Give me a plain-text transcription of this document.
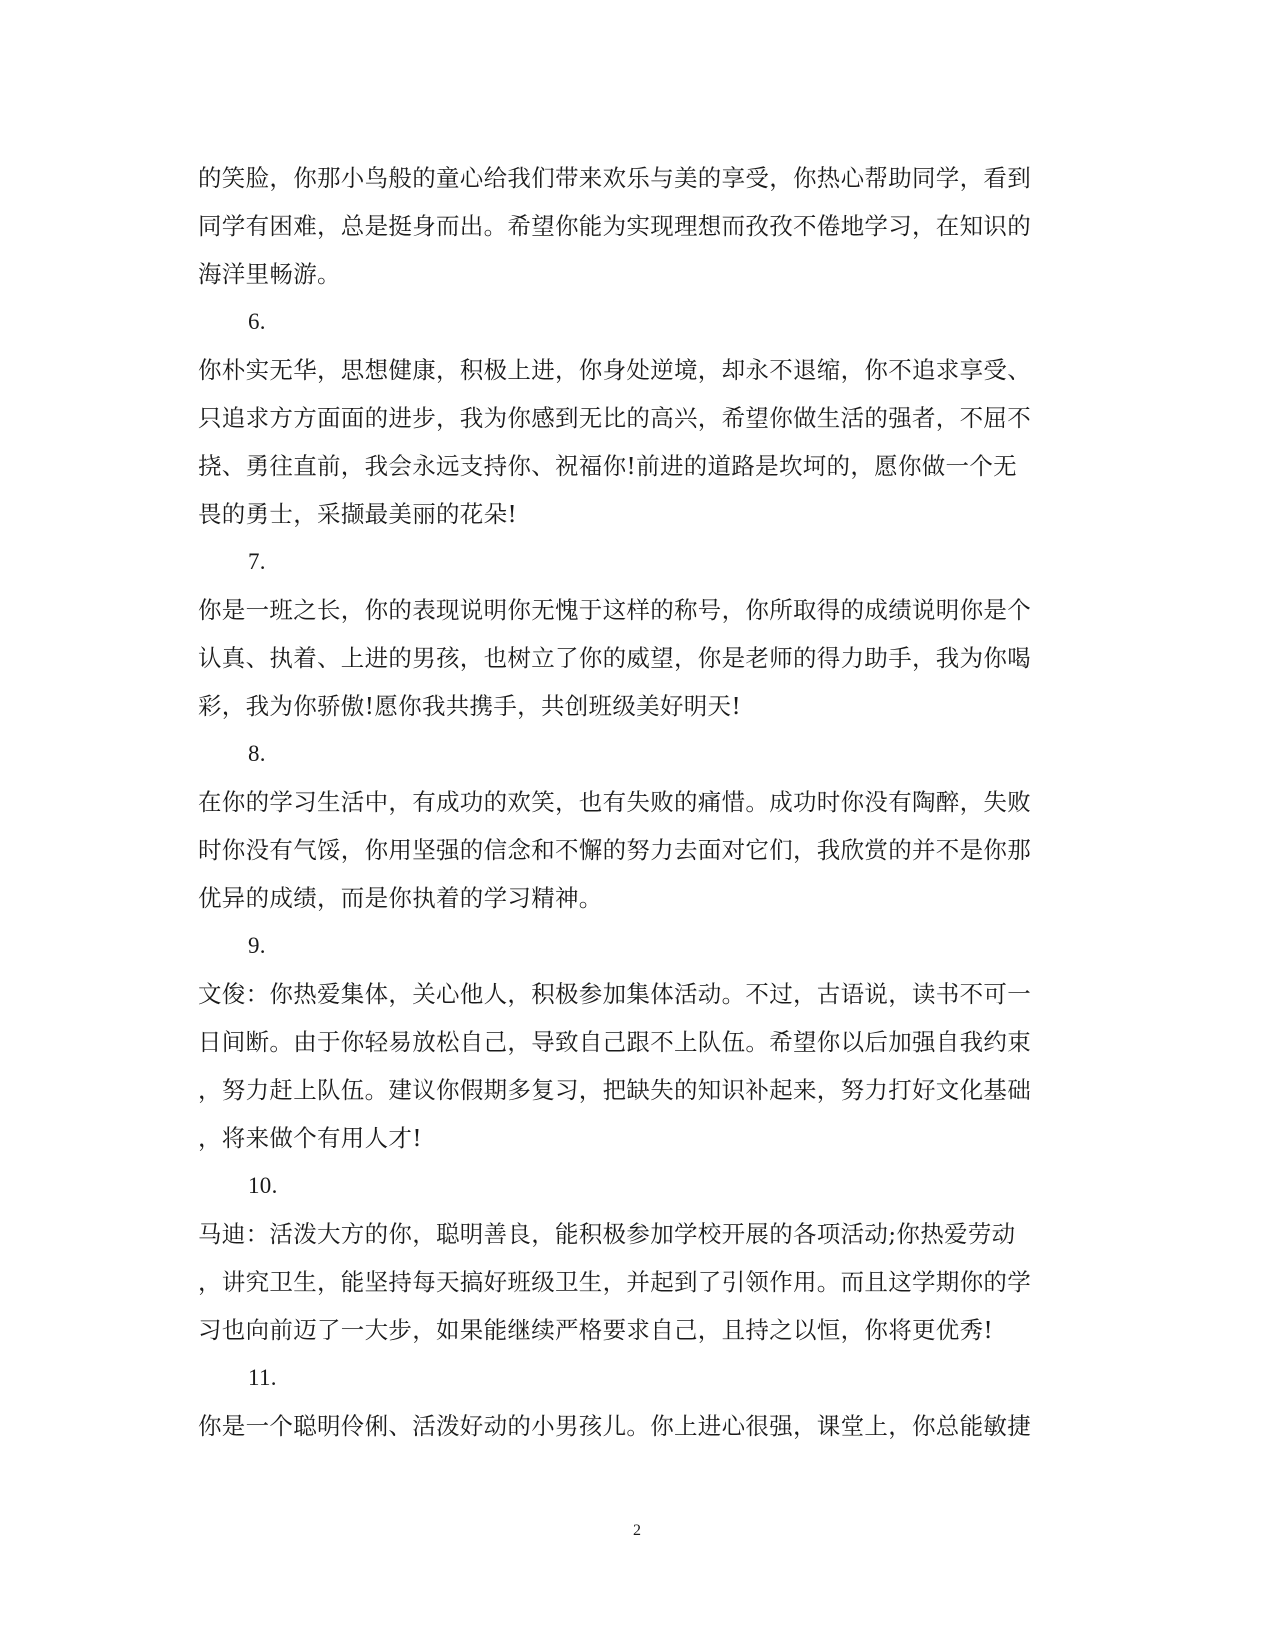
的笑脸，你那小鸟般的童心给我们带来欢乐与美的享受，你热心帮助同学，看到
同学有困难，总是挺身而出。希望你能为实现理想而孜孜不倦地学习，在知识的
海洋里畅游。
6.
你朴实无华，思想健康，积极上进，你身处逆境，却永不退缩，你不追求享受、
只追求方方面面的进步，我为你感到无比的高兴，希望你做生活的强者，不屈不
挠、勇往直前，我会永远支持你、祝福你!前进的道路是坎坷的，愿你做一个无
畏的勇士，采撷最美丽的花朵!
7.
你是一班之长，你的表现说明你无愧于这样的称号，你所取得的成绩说明你是个
认真、执着、上进的男孩，也树立了你的威望，你是老师的得力助手，我为你喝
彩，我为你骄傲!愿你我共携手，共创班级美好明天!
8.
在你的学习生活中，有成功的欢笑，也有失败的痛惜。成功时你没有陶醉，失败
时你没有气馁，你用坚强的信念和不懈的努力去面对它们，我欣赏的并不是你那
优异的成绩，而是你执着的学习精神。
9.
文俊：你热爱集体，关心他人，积极参加集体活动。不过，古语说，读书不可一
日间断。由于你轻易放松自己，导致自己跟不上队伍。希望你以后加强自我约束
，努力赶上队伍。建议你假期多复习，把缺失的知识补起来，努力打好文化基础
，将来做个有用人才!
10.
马迪：活泼大方的你，聪明善良，能积极参加学校开展的各项活动;你热爱劳动
，讲究卫生，能坚持每天搞好班级卫生，并起到了引领作用。而且这学期你的学
习也向前迈了一大步，如果能继续严格要求自己，且持之以恒，你将更优秀!
11.
你是一个聪明伶俐、活泼好动的小男孩儿。你上进心很强，课堂上，你总能敏捷
2
